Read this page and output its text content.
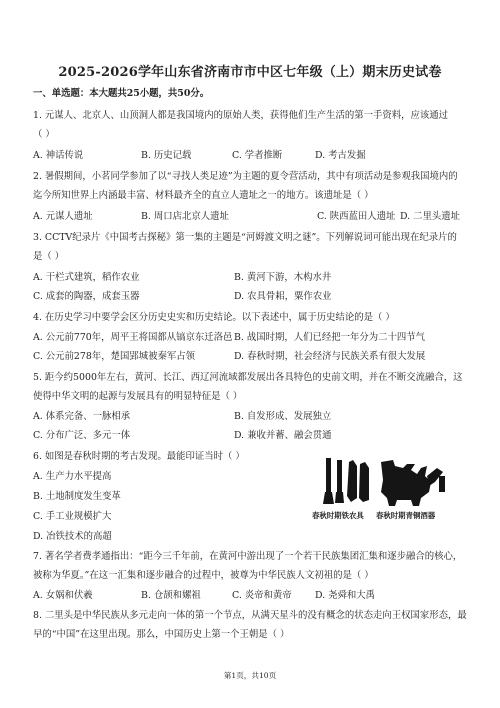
2025-2026学年山东省济南市市中区七年级（上）期末历史试卷
一、单选题：本大题共25小题，共50分。
1. 元谋人、北京人、山顶洞人都是我国境内的原始人类，获得他们生产生活的第一手资料，应该通过
（ ）
A. 神话传说	B. 历史记载	C. 学者推断	D. 考古发掘
2. 暑假期间，小茗同学参加了以“寻找人类足迹”为主题的夏令营活动，其中有项活动是参观我国境内的
迄今所知世界上内涵最丰富、材料最齐全的直立人遗址之一的地方。该遗址是（ ）
A. 元谋人遗址	B. 周口店北京人遗址	C. 陕西蓝田人遗址 D. 二里头遗址
3. CCTV纪录片《中国考古探秘》第一集的主题是“河姆渡文明之谜”。下列解说词可能出现在纪录片的
是（ ）
A. 干栏式建筑，稻作农业	B. 黄河下游，木构水井
C. 成套的陶器，成套玉器	D. 农具骨耜，粟作农业
4. 在历史学习中要学会区分历史史实和历史结论。以下表述中，属于历史结论的是（ ）
A. 公元前770年，周平王将国都从镐京东迁洛邑 B. 战国时期，人们已经把一年分为二十四节气
C. 公元前278年，楚国郢城被秦军占领	D. 春秋时期，社会经济与民族关系有很大发展
5. 距今约5000年左右，黄河、长江、西辽河流域都发展出各具特色的史前文明，并在不断交流融合，这
使得中华文明的起源与发展具有的明显特征是（ ）
A. 体系完备、一脉相承	B. 自发形成、发展独立
C. 分布广泛、多元一体	D. 兼收并蓄、融会贯通
6. 如图是春秋时期的考古发现。最能印证当时（ ）
A. 生产力水平提高
B. 土地制度发生变革
C. 手工业规模扩大
D. 冶铁技术的高超
春秋时期铁农具 春秋时期青铜酒器
7. 著名学者费孝通指出：“距今三千年前，在黄河中游出现了一个若干民族集团汇集和逐步融合的核心，
被称为华夏。”在这一汇集和逐步融合的过程中，被尊为中华民族人文初祖的是（ ）
A. 女娲和伏羲	B. 仓颉和嫘祖	C. 炎帝和黄帝 D. 尧舜和大禹
8. 二里头是中华民族从多元走向一体的第一个节点，从满天星斗的没有概念的状态走向王权国家形态，最
早的“中国”在这里出现。那么，中国历史上第一个王朝是（ ）
第1页，共10页
